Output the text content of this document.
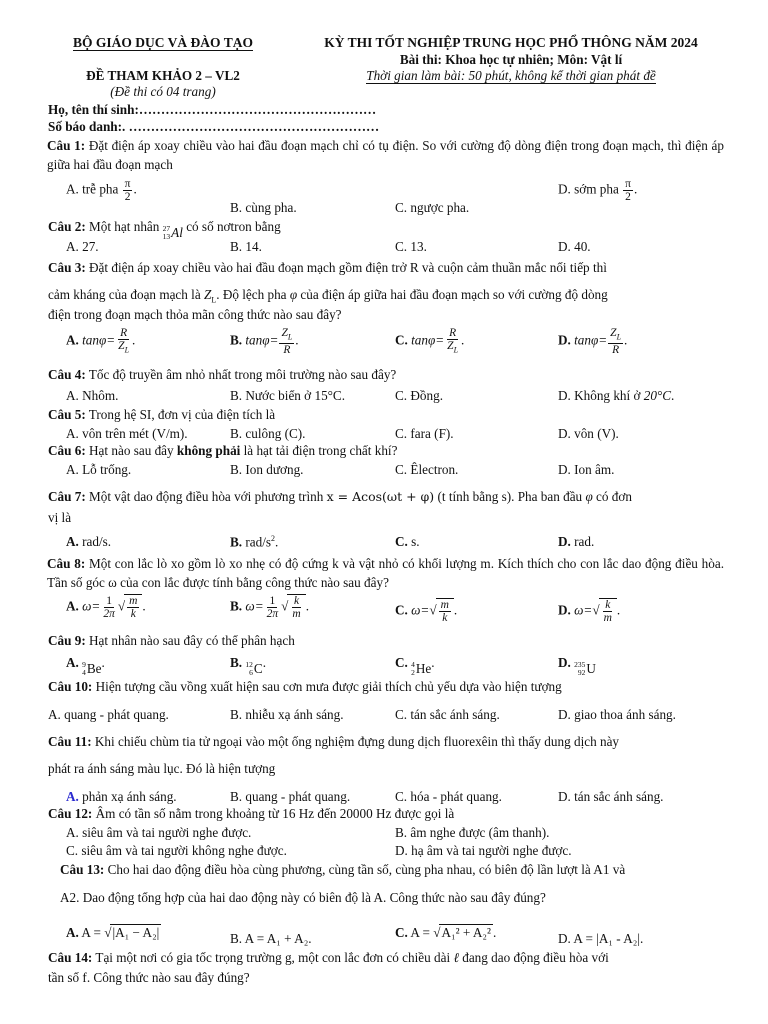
BỘ GIÁO DỤC VÀ ĐÀO TẠO	KỲ THI TỐT NGHIỆP TRUNG HỌC PHỔ THÔNG NĂM 2024
Bài thi: Khoa học tự nhiên; Môn: Vật lí
ĐỀ THAM KHẢO 2 – VL2	Thời gian làm bài: 50 phút, không kể thời gian phát đề
(Đề thi có 04 trang)
Họ, tên thí sinh:………………………………………………
Số báo danh:. …………………………………………………
Câu 1: Đặt điện áp xoay chiều vào hai đầu đoạn mạch chỉ có tụ điện. So với cường độ dòng điện trong đoạn mạch, thì điện áp giữa hai đầu đoạn mạch
A. trễ pha $\frac{\pi}{2}$ .
B. cùng pha.	C. ngược pha.
D. sớm pha $\frac{\pi}{2}$ .
Câu 2: Một hạt nhân 27
13 Al có số nơtron bằng
A. 27.	B. 14.	C. 13.	D. 40.
Câu 3: Đặt điện áp xoay chiều vào hai đầu đoạn mạch gồm điện trở R và cuộn cảm thuần mắc nối tiếp thì
cảm kháng của đoạn mạch là $Z_L$. Độ lệch pha φ của điện áp giữa hai đầu đoạn mạch so với cường độ dòng
điện trong đoạn mạch thỏa mãn công thức nào sau đây?
A. $\tan\varphi= \frac{R}{Z_L}$ .	B. $\tan\varphi= \frac{Z_L}{R}$ .	C. $\tan\varphi= \frac{R}{Z_L}$ .	D. $\tan\varphi= \frac{Z_L}{R}$ .
Câu 4: Tốc độ truyền âm nhỏ nhất trong môi trường nào sau đây?
A. Nhôm.	B. Nước biển ở 15°C.	C. Đồng.	D. Không khí ở 20°C.
Câu 5: Trong hệ SI, đơn vị của điện tích là
A. vôn trên mét (V/m).	B. culông (C).	C. fara (F).	D. vôn (V).
Câu 6: Hạt nào sau đây không phải là hạt tải điện trong chất khí?
A. Lỗ trống.	B. Ion dương.	C. Êlectron.	D. Ion âm.
Câu 7: Một vật dao động điều hòa với phương trình x = Acos(ωt + φ) (t tính bằng s). Pha ban đầu φ có đơn
vị là
A. rad/s.	B. rad/$s^2$.	C. s.	D. rad.
Câu 8: Một con lắc lò xo gồm lò xo nhẹ có độ cứng k và vật nhỏ có khối lượng m. Kích thích cho con lắc dao động điều hòa. Tần số góc ω của con lắc được tính bằng công thức nào sau đây?
A. $\omega= \frac{1}{2\pi}$ √ $\frac{m}{k}$ .	B. $\omega= \frac{1}{2\pi}$ √ $\frac{k}{m}$ .	C. $\omega=√ \frac{m}{k}$ .	D. $\omega=√ \frac{k}{m}$ .
Câu 9: Hạt nhân nào sau đây có thể phân hạch
A. 9
4 Be .	B. 12
6 C .	C. 4
2 He .	D. 235
92 U
Câu 10: Hiện tượng cầu vồng xuất hiện sau cơn mưa được giải thích chủ yếu dựa vào hiện tượng
A. quang - phát quang.	B. nhiễu xạ ánh sáng.	C. tán sắc ánh sáng.	D. giao thoa ánh sáng.
Câu 11: Khi chiếu chùm tia tử ngoại vào một ống nghiệm đựng dung dịch fluorexêin thì thấy dung dịch này
phát ra ánh sáng màu lục. Đó là hiện tượng
A. phản xạ ánh sáng.	B. quang - phát quang.	C. hóa - phát quang.	D. tán sắc ánh sáng.
Câu 12: Âm có tần số nằm trong khoảng từ 16 Hz đến 20000 Hz được gọi là
A. siêu âm và tai người nghe được.	B. âm nghe được (âm thanh).
C. siêu âm và tai người không nghe được.	D. hạ âm và tai người nghe được.
Câu 13: Cho hai dao động điều hòa cùng phương, cùng tần số, cùng pha nhau, có biên độ lần lượt là A1 và
A2. Dao động tổng hợp của hai dao động này có biên độ là A. Công thức nào sau đây đúng?
A. A = √|A₁ − A₂|	B. A = A₁ + A₂.	C. A = √A₁² + A₂² .	D. A = |A₁ - A₂|.
Câu 14: Tại một nơi có gia tốc trọng trường g, một con lắc đơn có chiều dài ℓ đang dao động điều hòa với
tần số f. Công thức nào sau đây đúng?
